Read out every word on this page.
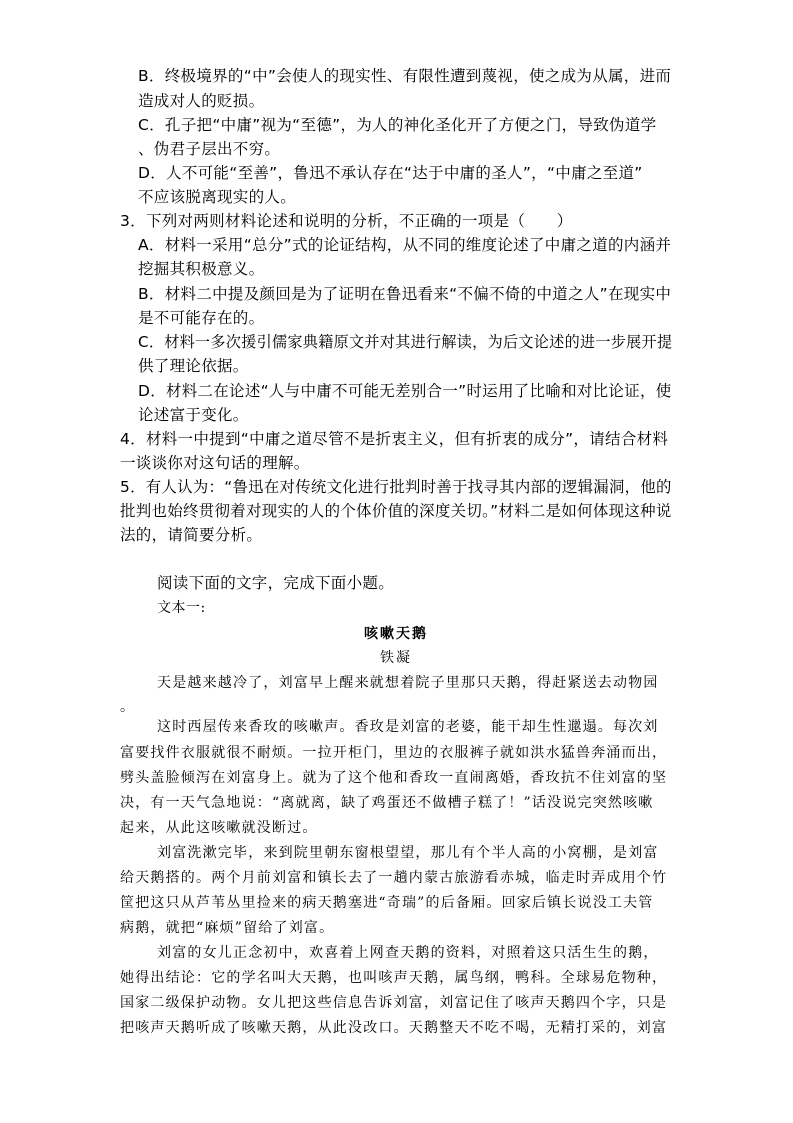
B．终极境界的“中”会使人的现实性、有限性遭到蔑视，使之成为从属，进而
造成对人的贬损。
C．孔子把“中庸”视为“至德”，为人的神化圣化开了方便之门，导致伪道学
、伪君子层出不穷。
D．人不可能“至善”，鲁迅不承认存在“达于中庸的圣人”，“中庸之至道”
不应该脱离现实的人。
3．下列对两则材料论述和说明的分析，不正确的一项是（　　）
A．材料一采用“总分”式的论证结构，从不同的维度论述了中庸之道的内涵并
挖掘其积极意义。
B．材料二中提及颜回是为了证明在鲁迅看来“不偏不倚的中道之人”在现实中
是不可能存在的。
C．材料一多次援引儒家典籍原文并对其进行解读，为后文论述的进一步展开提
供了理论依据。
D．材料二在论述“人与中庸不可能无差别合一”时运用了比喻和对比论证，使
论述富于变化。
4．材料一中提到“中庸之道尽管不是折衷主义，但有折衷的成分”，请结合材料
一谈谈你对这句话的理解。
5．有人认为：“鲁迅在对传统文化进行批判时善于找寻其内部的逻辑漏洞，他的
批判也始终贯彻着对现实的人的个体价值的深度关切。”材料二是如何体现这种说
法的，请简要分析。
阅读下面的文字，完成下面小题。
文本一:
咳嗽天鹅
铁凝
天是越来越冷了，刘富早上醒来就想着院子里那只天鹅，得赶紧送去动物园
。
这时西屋传来香玫的咳嗽声。香玫是刘富的老婆，能干却生性邋遢。每次刘
富要找件衣服就很不耐烦。一拉开柜门，里边的衣服裤子就如洪水猛兽奔涌而出，
劈头盖脸倾泻在刘富身上。就为了这个他和香玫一直闹离婚，香玫抗不住刘富的坚
决，有一天气急地说：“离就离，缺了鸡蛋还不做槽子糕了！”话没说完突然咳嗽
起来，从此这咳嗽就没断过。
刘富洗漱完毕，来到院里朝东窗根望望，那儿有个半人高的小窝棚，是刘富
给天鹅搭的。两个月前刘富和镇长去了一趟内蒙古旅游看赤城，临走时弄成用个竹
筐把这只从芦苇丛里捡来的病天鹅塞进“奇瑞”的后备厢。回家后镇长说没工夫管
病鹅，就把“麻烦”留给了刘富。
刘富的女儿正念初中，欢喜着上网查天鹅的资料，对照着这只活生生的鹅，
她得出结论：它的学名叫大天鹅，也叫咳声天鹅，属鸟纲，鸭科。全球易危物种，
国家二级保护动物。女儿把这些信息告诉刘富，刘富记住了咳声天鹅四个字，只是
把咳声天鹅听成了咳嗽天鹅，从此没改口。天鹅整天不吃不喝，无精打采的，刘富
